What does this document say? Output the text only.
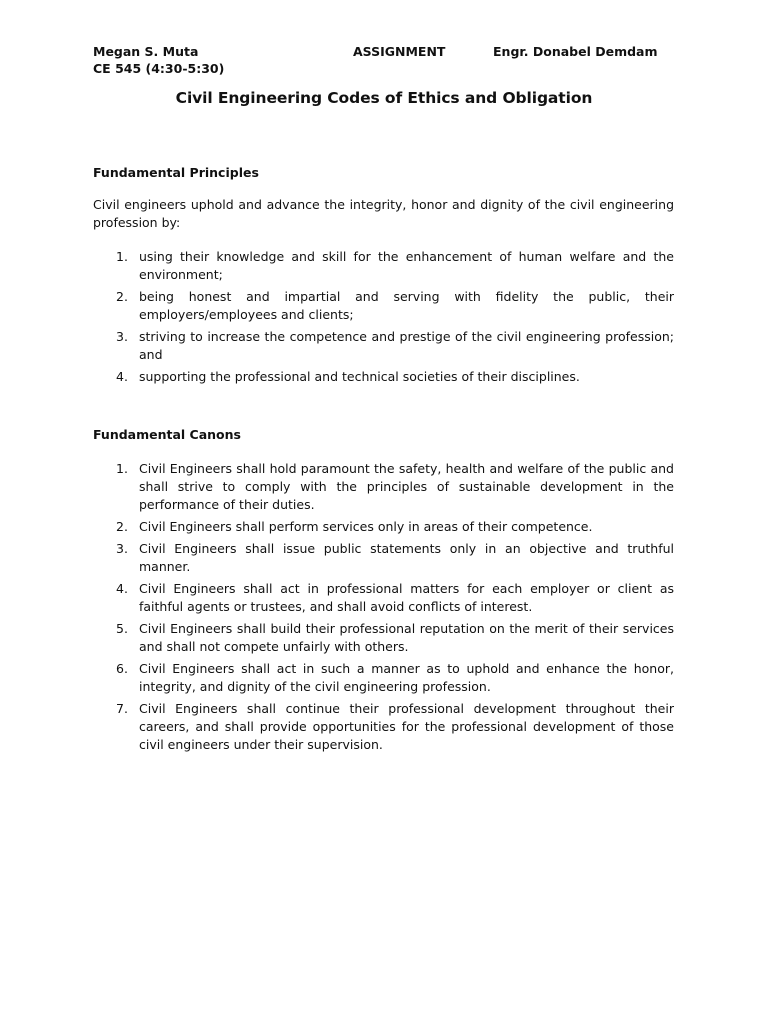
Megan S. Muta	ASSIGNMENT	Engr. Donabel Demdam
CE 545 (4:30-5:30)
Civil Engineering Codes of Ethics and Obligation
Fundamental Principles
Civil engineers uphold and advance the integrity, honor and dignity of the civil engineering profession by:
1. using their knowledge and skill for the enhancement of human welfare and the environment;
2. being honest and impartial and serving with fidelity the public, their employers/employees and clients;
3. striving to increase the competence and prestige of the civil engineering profession; and
4. supporting the professional and technical societies of their disciplines.
Fundamental Canons
1. Civil Engineers shall hold paramount the safety, health and welfare of the public and shall strive to comply with the principles of sustainable development in the performance of their duties.
2. Civil Engineers shall perform services only in areas of their competence.
3. Civil Engineers shall issue public statements only in an objective and truthful manner.
4. Civil Engineers shall act in professional matters for each employer or client as faithful agents or trustees, and shall avoid conflicts of interest.
5. Civil Engineers shall build their professional reputation on the merit of their services and shall not compete unfairly with others.
6. Civil Engineers shall act in such a manner as to uphold and enhance the honor, integrity, and dignity of the civil engineering profession.
7. Civil Engineers shall continue their professional development throughout their careers, and shall provide opportunities for the professional development of those civil engineers under their supervision.
